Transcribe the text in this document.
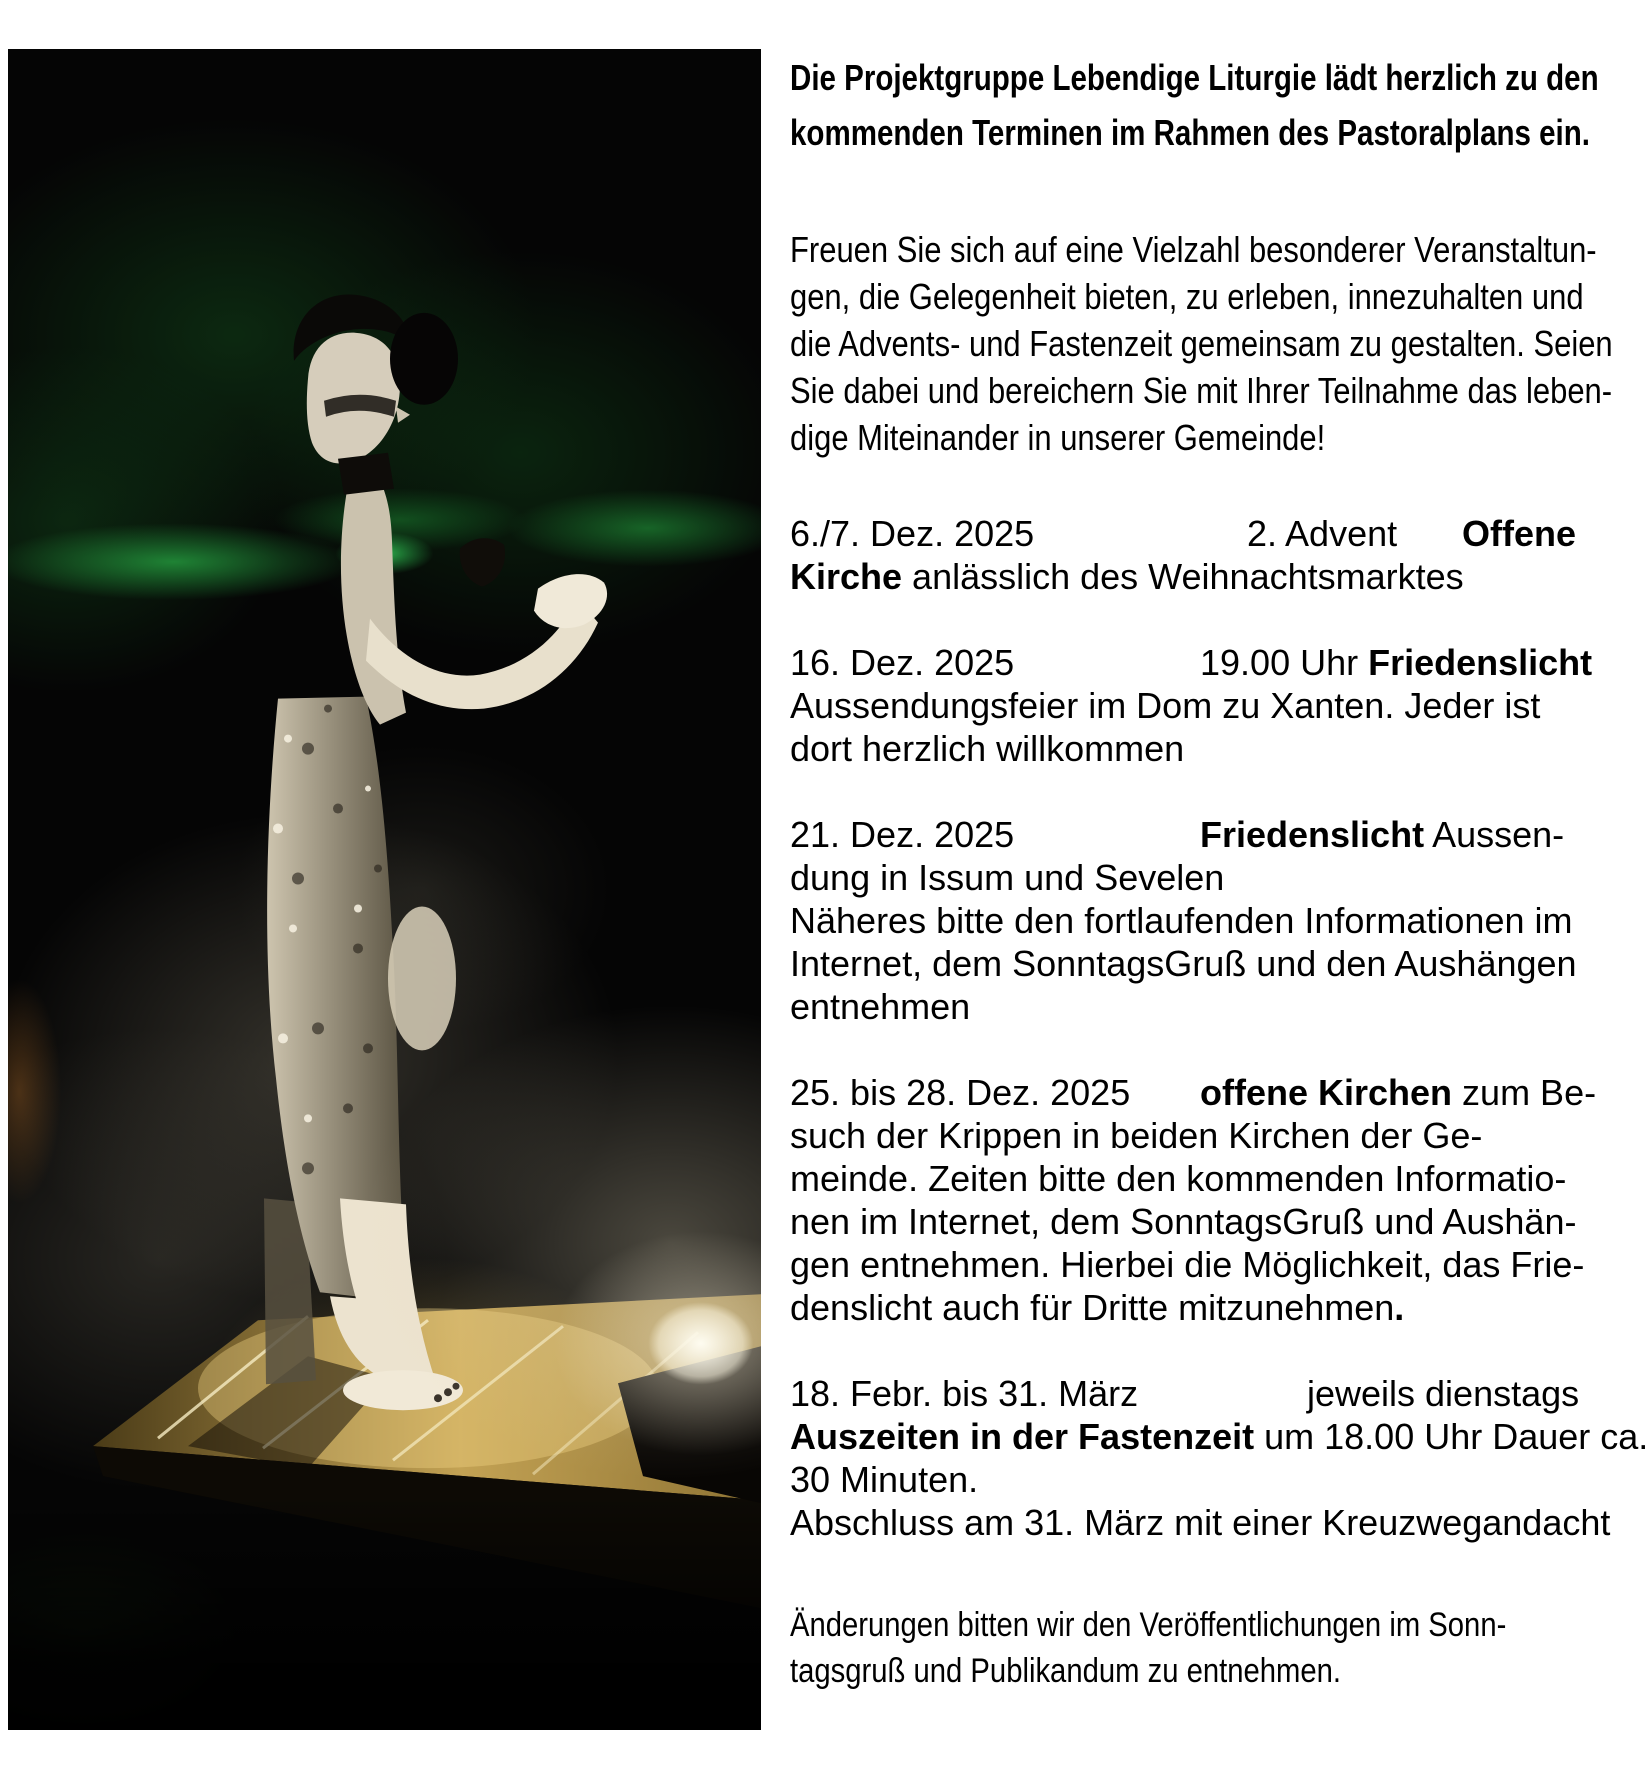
Die Projektgruppe Lebendige Liturgie lädt herzlich zu den
kommenden Terminen im Rahmen des Pastoralplans ein.
Freuen Sie sich auf eine Vielzahl besonderer Veranstaltun-
gen, die Gelegenheit bieten, zu erleben, innezuhalten und
die Advents- und Fastenzeit gemeinsam zu gestalten. Seien
Sie dabei und bereichern Sie mit Ihrer Teilnahme das leben-
dige Miteinander in unserer Gemeinde!
6./7. Dez. 2025	2. Advent Offene
Kirche anlässlich des Weihnachtsmarktes
16. Dez. 2025	19.00 Uhr Friedenslicht
Aussendungsfeier im Dom zu Xanten. Jeder ist
dort herzlich willkommen
21. Dez. 2025	Friedenslicht Aussen-
dung in Issum und Sevelen
Näheres bitte den fortlaufenden Informationen im
Internet, dem SonntagsGruß und den Aushängen
entnehmen
25. bis 28. Dez. 2025 offene Kirchen zum Be-
such der Krippen in beiden Kirchen der Ge-
meinde. Zeiten bitte den kommenden Informatio-
nen im Internet, dem SonntagsGruß und Aushän-
gen entnehmen. Hierbei die Möglichkeit, das Frie-
denslicht auch für Dritte mitzunehmen.
18. Febr. bis 31. März	jeweils dienstags
Auszeiten in der Fastenzeit um 18.00 Uhr Dauer ca.
30 Minuten.
Abschluss am 31. März mit einer Kreuzwegandacht
Änderungen bitten wir den Veröffentlichungen im Sonn-
tagsgruß und Publikandum zu entnehmen.
